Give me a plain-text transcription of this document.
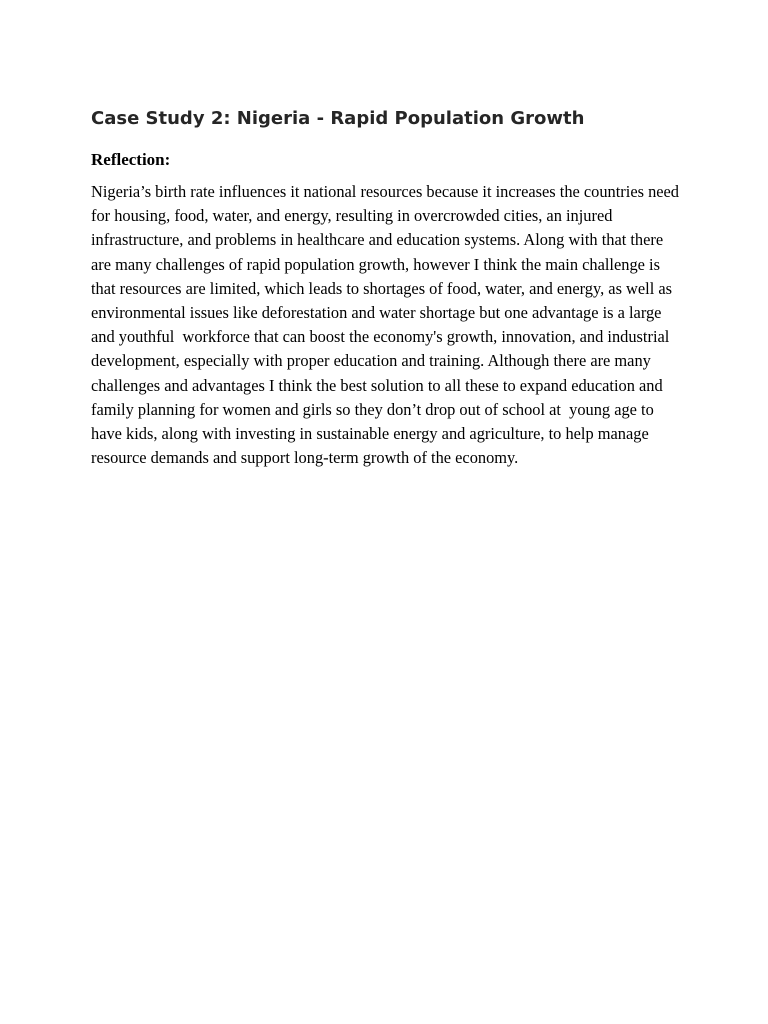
Case Study 2: Nigeria - Rapid Population Growth
Reflection:

Nigeria’s birth rate influences it national resources because it increases the countries need for housing, food, water, and energy, resulting in overcrowded cities, an injured infrastructure, and problems in healthcare and education systems. Along with that there are many challenges of rapid population growth, however I think the main challenge is that resources are limited, which leads to shortages of food, water, and energy, as well as environmental issues like deforestation and water shortage but one advantage is a large and youthful  workforce that can boost the economy's growth, innovation, and industrial development, especially with proper education and training. Although there are many challenges and advantages I think the best solution to all these to expand education and family planning for women and girls so they don’t drop out of school at  young age to have kids, along with investing in sustainable energy and agriculture, to help manage resource demands and support long-term growth of the economy.
